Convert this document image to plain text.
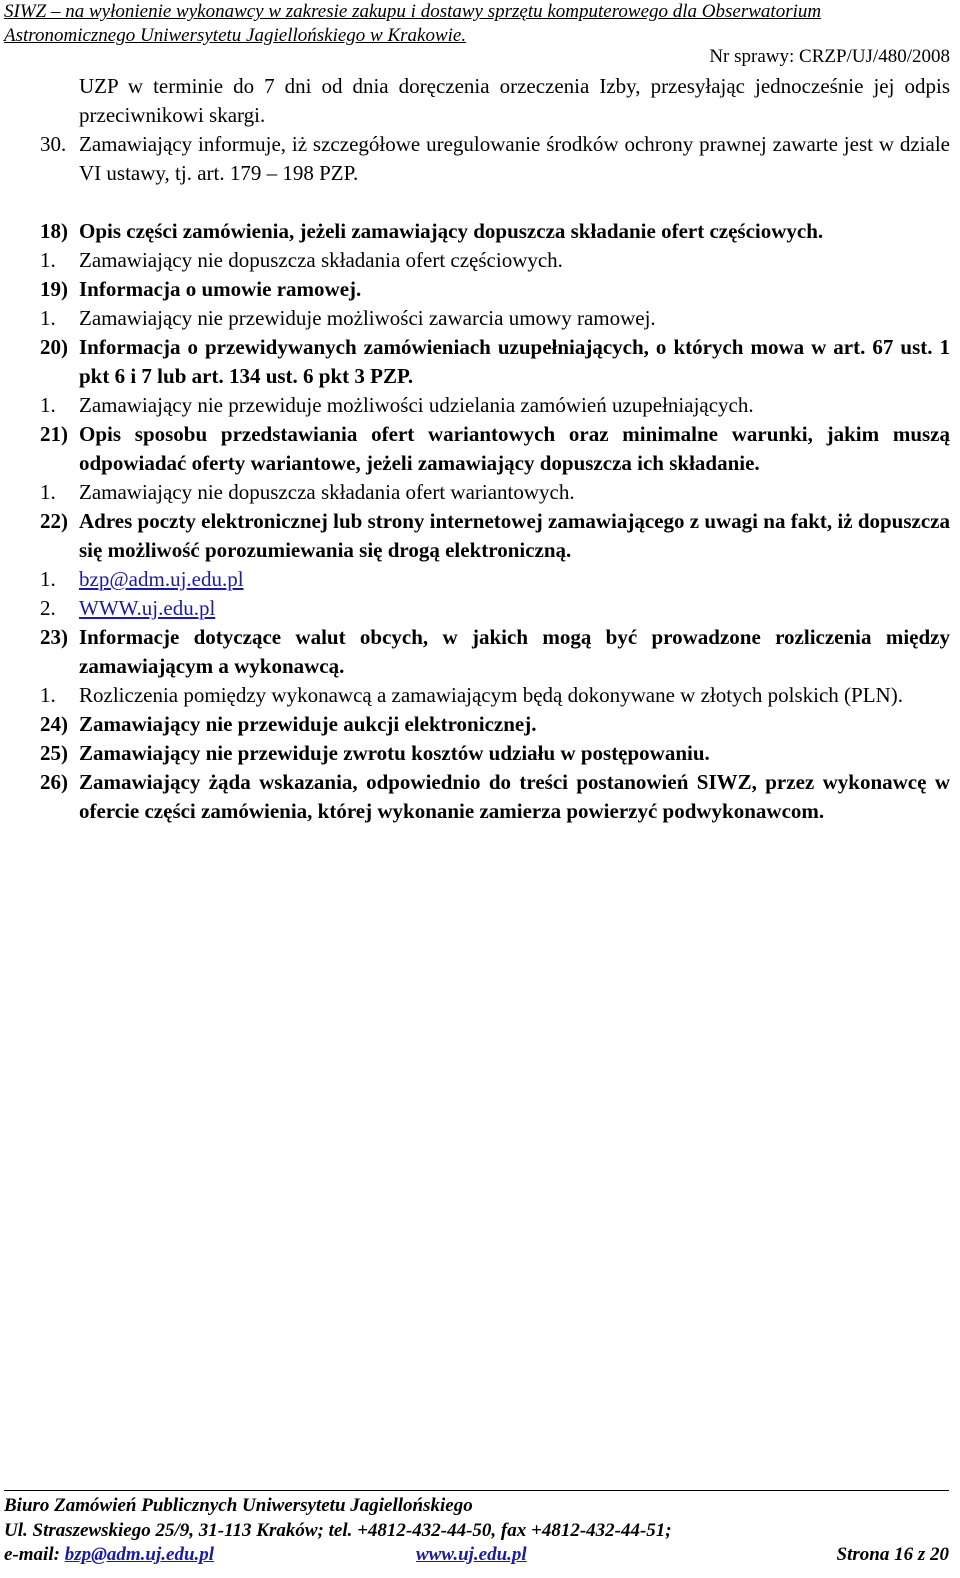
SIWZ – na wyłonienie wykonawcy w zakresie zakupu i dostawy sprzętu komputerowego dla Obserwatorium
Astronomicznego Uniwersytetu Jagiellońskiego w Krakowie.
Nr sprawy: CRZP/UJ/480/2008
UZP w terminie do 7 dni od dnia doręczenia orzeczenia Izby, przesyłając jednocześnie jej odpis przeciwnikowi skargi.
30. Zamawiający informuje, iż szczegółowe uregulowanie środków ochrony prawnej zawarte jest w dziale VI ustawy, tj. art. 179 – 198 PZP.
18) Opis części zamówienia, jeżeli zamawiający dopuszcza składanie ofert częściowych.
1. Zamawiający nie dopuszcza składania ofert częściowych.
19) Informacja o umowie ramowej.
1. Zamawiający nie przewiduje możliwości zawarcia umowy ramowej.
20) Informacja o przewidywanych zamówieniach uzupełniających, o których mowa w art. 67 ust. 1 pkt 6 i 7 lub art. 134 ust. 6 pkt 3 PZP.
1. Zamawiający nie przewiduje możliwości udzielania zamówień uzupełniających.
21) Opis sposobu przedstawiania ofert wariantowych oraz minimalne warunki, jakim muszą odpowiadać oferty wariantowe, jeżeli zamawiający dopuszcza ich składanie.
1. Zamawiający nie dopuszcza składania ofert wariantowych.
22) Adres poczty elektronicznej lub strony internetowej zamawiającego z uwagi na fakt, iż dopuszcza się możliwość porozumiewania się drogą elektroniczną.
1. bzp@adm.uj.edu.pl
2. WWW.uj.edu.pl
23) Informacje dotyczące walut obcych, w jakich mogą być prowadzone rozliczenia między zamawiającym a wykonawcą.
1. Rozliczenia pomiędzy wykonawcą a zamawiającym będą dokonywane w złotych polskich (PLN).
24) Zamawiający nie przewiduje aukcji elektronicznej.
25) Zamawiający nie przewiduje zwrotu kosztów udziału w postępowaniu.
26) Zamawiający żąda wskazania, odpowiednio do treści postanowień SIWZ, przez wykonawcę w ofercie części zamówienia, której wykonanie zamierza powierzyć podwykonawcom.
Biuro Zamówień Publicznych Uniwersytetu Jagiellońskiego
Ul. Straszewskiego 25/9, 31-113 Kraków; tel. +4812-432-44-50, fax +4812-432-44-51;
e-mail: bzp@adm.uj.edu.pl	www.uj.edu.pl	Strona 16 z 20
